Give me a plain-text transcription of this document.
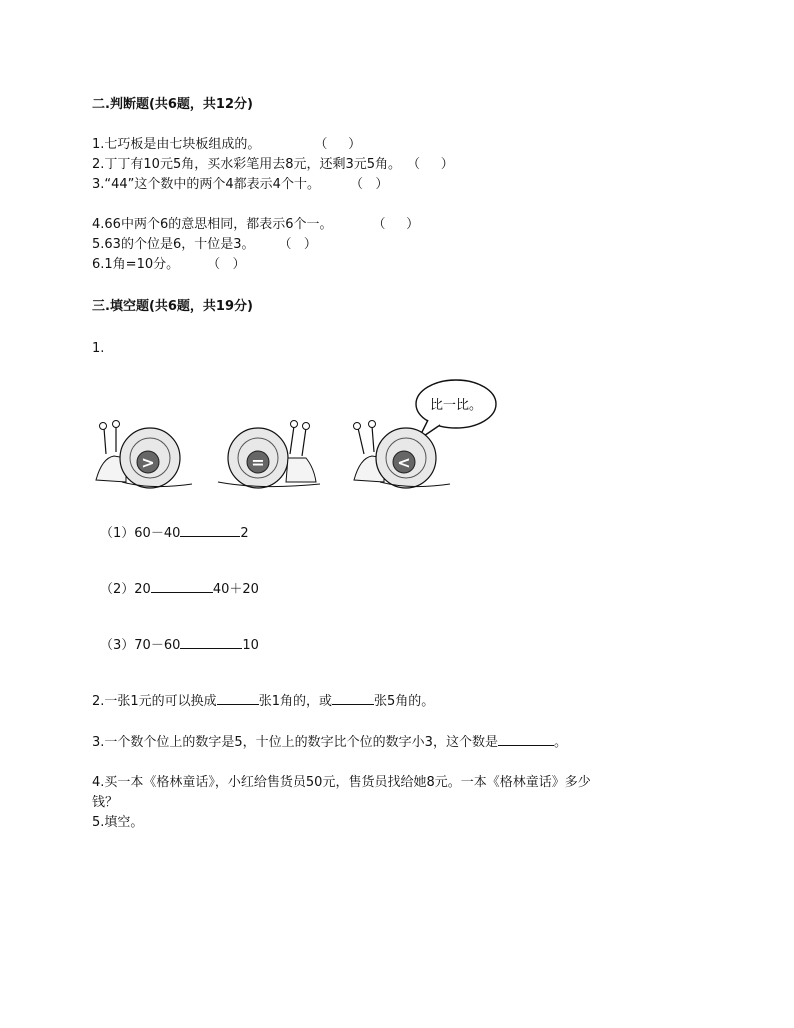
二.判断题(共6题，共12分)
1.七巧板是由七块板组成的。	（     ）
2.丁丁有10元5角，买水彩笔用去8元，还剩3元5角。 （     ）
3.“44”这个数中的两个4都表示4个十。 （   ）
4.66中两个6的意思相同，都表示6个一。	（     ）
5.63的个位是6，十位是3。 （   ）
6.1角=10分。 （   ）
三.填空题(共6题，共19分)
1.
比一比。
>	=	<
（1）60－40	2
（2）20	40＋20
（3）70－60	10
2.一张1元的可以换成	张1角的，或	张5角的。
3.一个数个位上的数字是5，十位上的数字比个位的数字小3，这个数是	。
4.买一本《格林童话》，小红给售货员50元，售货员找给她8元。一本《格林童话》多少
钱？
5.填空。
